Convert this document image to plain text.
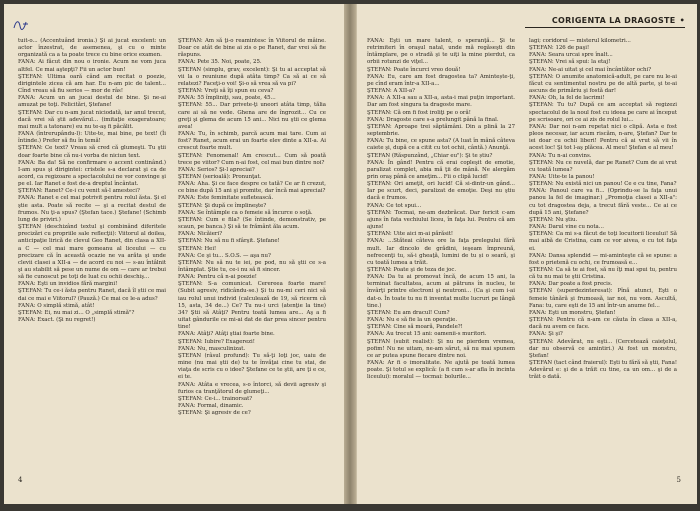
tuit-o... (Accentuând ironia.) Şi ai jucat excelent: un actor înzestrat, de asemenea, şi cu o minte organizată ca a ta poate trece cu bine orice examen.

FANA: Ai făcut din nou o ironie. Acum ne vom juca altfel. Ce mai aştepţi? Fii un actor bun!

ŞTEFAN: Ultima oară când am recitat o poezie, dirigintele zicea că am har. Eu n-am pic de talent... Cînd vreau să fiu serios — mor de râs!

FANA: Acum un an jucai destul de bine. Şi ne-ai amuzat pe toţi. Felicitări, Ştefane!

ŞTEFAN: Dar cu n-am jucat niciodată, iar anul trecut, dacă vrei să ştii adevărul... (imitaţie exageratoare; mai mult a tatonare) eu nu te-aş fi păcălit.

FANA (întrerupându-l): Uite-te, mai bine, pe text! (Îi întinde.) Prefer să fiu în temă!

ŞTEFAN: Ce text? Vreau să cred că glumeşti. Tu ştii doar foarte bine că nu-i vorba de niciun text.

FANA: Ba da! Să ne confirmare o accent continând.) I-am spus şi dirigintei: cristele s-a declarat şi ca de acord, ca regizoare a spectacolului ne vor convinge şi pe el. Iar Ranet e fost de-a dreptul încântat.

ŞTEFAN: Ranet? Ce-i cu venit să-l amesteci?

FANA: Ranet e cel mai potrivit pentru rolul ăsta. Şi el ştie asta. Poate să recite — şi a recitat destul de frumos. Nu ţi-a spus? (Ştefan tace.) Ştefane! (Schimb lung de priviri.)

ŞTEFAN (deschizând textul şi combinând diferitele precizări cu propriile sale reflecţii): Viitorul al doilea, anticipaţie lirică de clevul Geo Ranet, din clasa a XII-a C — cel mai mare gomeanu al liceului — cu precizare că în această ocazie ne va arăta şi unde clevii clasei a XII-a — de acord cu noi — s-au întâlnit şi au stabilit să pese un nume de om — care ar trebui să fie cunoscut pe toţi de luat cu ochii deschiş...

FANA: Eşti un invidios fără margini!

ŞTEFAN: Tu ce-i ăsta pentru Ranet, dacă îl știi ce mai dai ce mai e Viitorul? (Pauză.) Ce mai ce le-a adus?

FANA: O simplă stimă, atât!

ŞTEFAN: Ei, nu mai zi... O „simplă stimă"?

FANA: Exact. (Şi nu regret!)

ŞTEFAN: Am să ţi-o reamintesc în Viitorul de mâine. Doar ce atât de bine ai zis o pe Ranet, dar vrei să fie răspuns.

FANA: Pete 35. Noi, poate, 25.

ŞTEFAN (simplu, grav, excelent): Şi tu ai acceptat să vii la o reuniune după atâta timp? Ca să ai ce să relatezi? Faceţi-o voi! Şi-o să vrea să va pi?

ŞTEFAN: Vreţi să îţi spun eu ceva?

FANA: 55 împliniţi, sau, poate, 45...

ŞTEFAN: 55... Dar privete-ţi uneori atâta timp, tălia care ai să ne vede. Ghena are de îngrozit... Cu ce greţi şi glema de acum 15 ani... Nici nu ştii ce glema avea!

FANA: Tu, în schimb, parcă acum mai tare. Cum ai fost? Ranet, acum erai un foarte elev dinte a XII-a. Ai crescut foarte mult.

ŞTEFAN: Fenomenal! Am crescut... Cum să poată trece pe viitor? Cum n-ai fost, cel mai bun dintre noi?

FANA: Serios? Şi-l apreciai?

ŞTEFAN (serioală): Pronunţat.

FANA: Aha. Şi ce face despre ce tată? Ce ar fi crezut, ce bine după 15 ani şi promite, dar încă mai apreciai?

FANA: Este feminitate sufletească.

ŞTEFAN: Şi după ce împlineşte?

FANA: Se întâmple ca o femeie să încurce o soţă.

ŞTEFAN: Cum e fila? (Se întinde, demonstrativ, pe scaun, pe banca.) Şi să te frământ ăla acum.

FANA: Nicăieri?

ŞTEFAN: Nu să nu fi sfârşit. Ştefane!

ŞTEFAN: Hei!

FANA: Ce şi tu... S.O.S. — aşa nu?

ŞTEFAN: Nu să nu te iei, pe pod, nu să ştii ce s-a întâmplat. Ştie tu, ce-i nu să fi sincer.

FANA: Pentru că n-ai poezie!

ŞTEFAN: S-a comunicat. Cerereea foarte mare! (Subit agresiv, ridicându-se.) Şi tu nu-mi ceri nici să iau rolul unui individ (calculează de 19, să ricerm că 15, asta, 34 de...) Ce? Tu nu-i urci (atenţie la tine) 34? Ştii să Atâţi? Pentru toată lumea are... Aş a fi uitat gândurile ce mi-ai dat de dar prea sincer pentru tine!

FANA: Atâţi? Atâţi ştiai foarte bine.

ŞTEFAN: Iubire? Exagerezi!

FANA: Nu, masculinizat.

ŞTEFAN (râsul profund): Tu să-ţi loţi joc, uaiu de mine (nu mai ştii de) tu te învăţai cine tu stai, de viaţa de scris cu o idee? Ştefane ce te ştii, are ţi e ce, ei te.

FANA: Atâta e vrecea, s-o întorci, să devii agresiv şi furios ca tranţătorul de glumeţi...

ŞTEFAN: Ce-i... trainorsat?

FANA: Formal, dinamic.

ŞTEFAN: Şi agresiv de ce?

4
CORIGENTA LA DRAGOSTE •

FANA: Eşti un mare talent, o speranţă... Şi te retrimiteri în oraşul natal, unde mă regăseşti din întâmplare, pe o stradă şi te uiţi la mine pierdut, ca orbii rotunzi de viţel...

ŞTEFAN: Poate încurci vreo două!

FANA: Eu, care am fost dragostea ta? Amintește-ţi, pe cînd eram într-a XII-a...

ŞTEFAN: A XII-a?

FANA: A XII-a sau a XII-a, asta-i mai puţin important. Dar am fost singura ta dragoste mare.

ŞTEFAN: Că om fi fost iroliţi pe o oră!

FANA: Dragoste care s-a prelungit până la final.

ŞTEFAN: Aproape trei săptămâni. Din a plină la 27 septembrie.

FANA: Tu bine, ce spune asta? (A luat în mână câteva caiete şi, după ce a citit cu tot ochii, cântă.) Anunţă.

ŞTEFAN (Răspunzând, „Chiar eu"): Şi te știu?

FANA: În gând! Pentru că erai copleşit de emotie, paralizat complet, abia mă ţii de mână. Ne alergăm prin oraş până ce ameţim... Fii o clipă lucid!

ŞTEFAN: Ori ameţit, ori lucid! Că si-dintr-un gând... Iar pe scurt, deci, paralizat de emoţie. Deşi nu ştiu dacă e frumos.

FANA: Ce tot spui...

ŞTEFAN: Tocmai, ne-am dezbrăcat. Dar fericit c-am ajuns în fata vechiului liceu, în faţa lui. Pentru că am ajuns!

ŞTEFAN: Uite aici m-ai părăsit!

FANA: ...Stăteai câteva ore la faţa prelegului fără mult. Iar dincolo de grădini, ieşeam împreună, nefrecenţi tu, să-i gheaţă, lumini de tu și o seară, şi cu toată lumea a trăit.

ŞTEFAN: Poate şi de teza de joc.

FANA: Da tu ai promovat încă, de acum 15 ani, la terminat facultatea, acum ai pătruns în nucleu, te învârţi printre electroni şi neutroni... (Ca şi cum i-ai dat-o. În toate tu nu fi inventat multe lucruri pe lângă tine.)

ŞTEFAN: Eu am dracul! Cum?

FANA: Nu e să fie la un operaţie.

ŞTEFAN: Cine să moară, Pandele?!

FANA: Au trecut 15 ani: oamenii-s muritori.

ŞTEFAN (subit realist): Şi nu ne pierdem vremea, pofim! Nu ne uitam, ne-am sărut, să nu mai spunem ce ar putea spune fiecare dintre noi.

FANA: Ar fi o imoralitate. Ne ajută pe toată lumea poate. Şi totul se explică: (a fi cum s-ar afla în incinta liceului): moralul — tocmai: bolurile...

lagi; coridorul — misterul kilometri...

ŞTEFAN: 126 de paşi!

FANA: Seara urcai spre înalt...

ŞTEFAN: Vrei să spui: la etaj!

FANA: Ne-ai uitat şi cel mai încântător ochi?

ŞTEFAN: O anumite anatomică-adult, pe care nu le-ai făcut cu sentimentul nostru pe de altă parte, şi te-ai ascuns de primăriu şi fostă dar!

FANA: Oh, la fel de lacrimi!

ŞTEFAN: Tu tu? După ce am acceptat să regizezi spectacolul de la noul fost cu ideea pe care ai început pe scrisoare, ori ce ai zis de rolul lui...

FANA: Dar noi n-am repetat nici o clipă. Asta e fost pleos necesar, iar acum riscăm, n-are, Ştefan? Dar te iei doar cu ochii liberi! Pentru că ai vrut să vii în acest loc! Şi tot l-aş plăcea. Al meu! Ştefan e al meu!

FANA: Tu n-ai convins.

ŞTEFAN: Nu ce nuvelă, dar pe Ranet? Cum de ai vrut cu toată lumea?

FANA: Uite-te la panou!

ŞTEFAN: Nu există nici un panou! Ce e cu tine, Fana?

FANA: Panoul care va fi... (Oprindu-se la faţa unui panou la fel de imaginar.) „Promoţia clasei a XII-a": cu tot dragostea deja, a trecut fără veste... Ce ai ce după 15 ani, Ştefane?

ŞTEFAN: Nu ştiu.

FANA: Darul vine cu nota...

ŞTEFAN: Ca mi s-a făcut de toţi locuitorii liceului! Să mai aibă de Cristina, cam ce vor aivea, e cu tot faţa ei.

FANA: Dansa splendid — mi-aminteşte că se spune: a fost o prietenă cu ochi, ce frumoasă e...

ŞTEFAN: Ca să te ai fost, să nu îţi mai spui tu, pentru că tu nu mai te ştii Cristina.

FANA: Dar poate a fost precis.

ŞTEFAN (superdezinteresat): Pînă atunci, Eşti o femeie tânără şi frumoasă, iar noi, nu vom. Ascultă, Fana: tu, care eşti de 15 ani într-un anume fel...

FANA: Eşti un monstru, Ştefan!

ŞTEFAN: Pentru că n-am ce căuta în clasa a XII-a, dacă nu avem ce face.

FANA: Şi şi?

ŞTEFAN: Adevărat, nu eşti... (Cercetează caieţelul, dar nu observă ce amintiri.) Ai fost un monstru, Ştefan!

ŞTEFAN (tact când fraierul): Eşti tu fără să ştii, Fana! Adevărul e: şi de a trăit cu tine, ca un om... şi de a trăit o dată.

5
